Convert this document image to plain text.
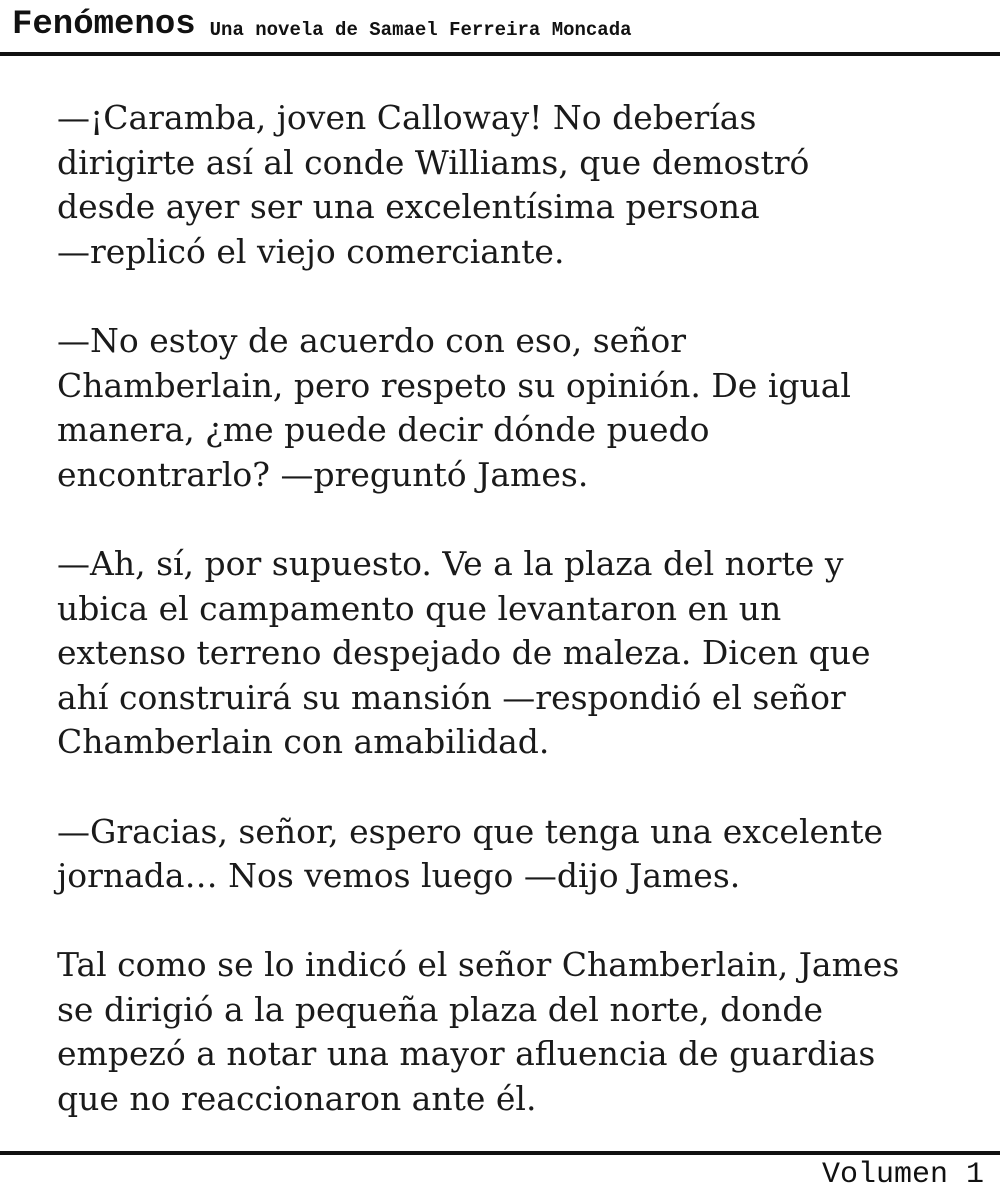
Fenómenos Una novela de Samael Ferreira Moncada

—¡Caramba, joven Calloway! No deberías
dirigirte así al conde Williams, que demostró
desde ayer ser una excelentísima persona
—replicó el viejo comerciante.

—No estoy de acuerdo con eso, señor
Chamberlain, pero respeto su opinión. De igual
manera, ¿me puede decir dónde puedo
encontrarlo? —preguntó James.

—Ah, sí, por supuesto. Ve a la plaza del norte y
ubica el campamento que levantaron en un
extenso terreno despejado de maleza. Dicen que
ahí construirá su mansión —respondió el señor
Chamberlain con amabilidad.

—Gracias, señor, espero que tenga una excelente
jornada… Nos vemos luego —dijo James.

Tal como se lo indicó el señor Chamberlain, James
se dirigió a la pequeña plaza del norte, donde
empezó a notar una mayor afluencia de guardias
que no reaccionaron ante él.

Volumen 1
